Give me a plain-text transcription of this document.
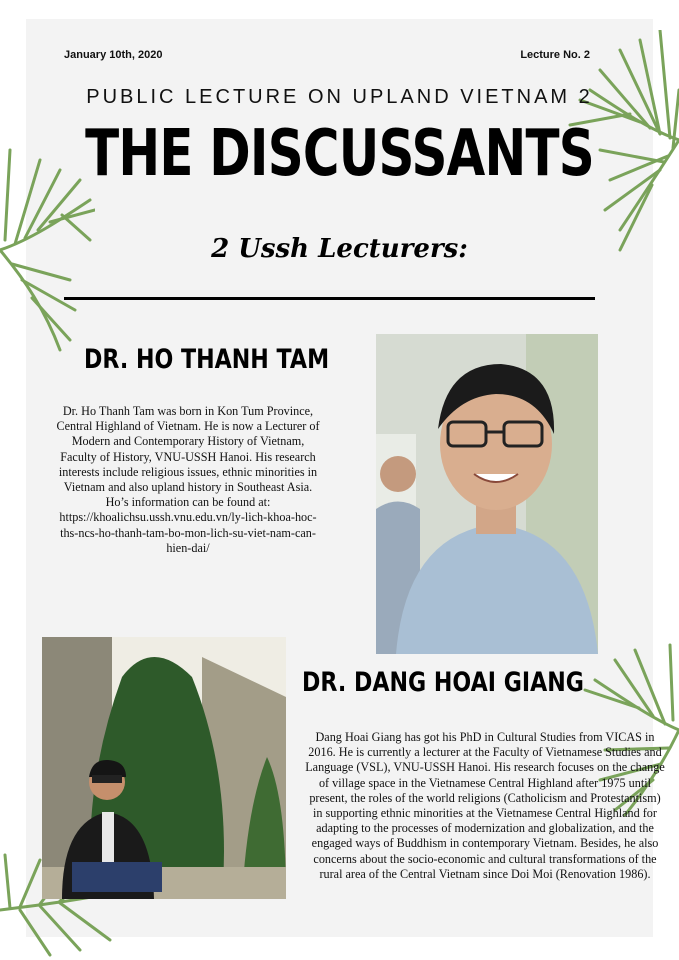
January 10th, 2020	Lecture No. 2
PUBLIC LECTURE ON UPLAND VIETNAM 2
THE DISCUSSANTS
2 Ussh Lecturers:
DR. HO THANH TAM
Dr. Ho Thanh Tam was born in Kon Tum Province, Central Highland of Vietnam. He is now a Lecturer of Modern and Contemporary History of Vietnam, Faculty of History, VNU-USSH Hanoi. His research interests include religious issues, ethnic minorities in Vietnam and also upland history in Southeast Asia. Ho’s information can be found at: https://khoalichsu.ussh.vnu.edu.vn/ly-lich-khoa-hoc-ths-ncs-ho-thanh-tam-bo-mon-lich-su-viet-nam-can-hien-dai/
DR. DANG HOAI GIANG
Dang Hoai Giang has got his PhD in Cultural Studies from VICAS in 2016. He is currently a lecturer at the Faculty of Vietnamese Studies and Language (VSL), VNU-USSH Hanoi. His research focuses on the change of village space in the Vietnamese Central Highland after 1975 until present, the roles of the world religions (Catholicism and Protestantism) in supporting ethnic minorities at the Vietnamese Central Highland for adapting to the processes of modernization and globalization, and the engaged ways of Buddhism in contemporary Vietnam. Besides, he also concerns about the socio-economic and cultural transformations of the rural area of the Central Vietnam since Doi Moi (Renovation 1986).
